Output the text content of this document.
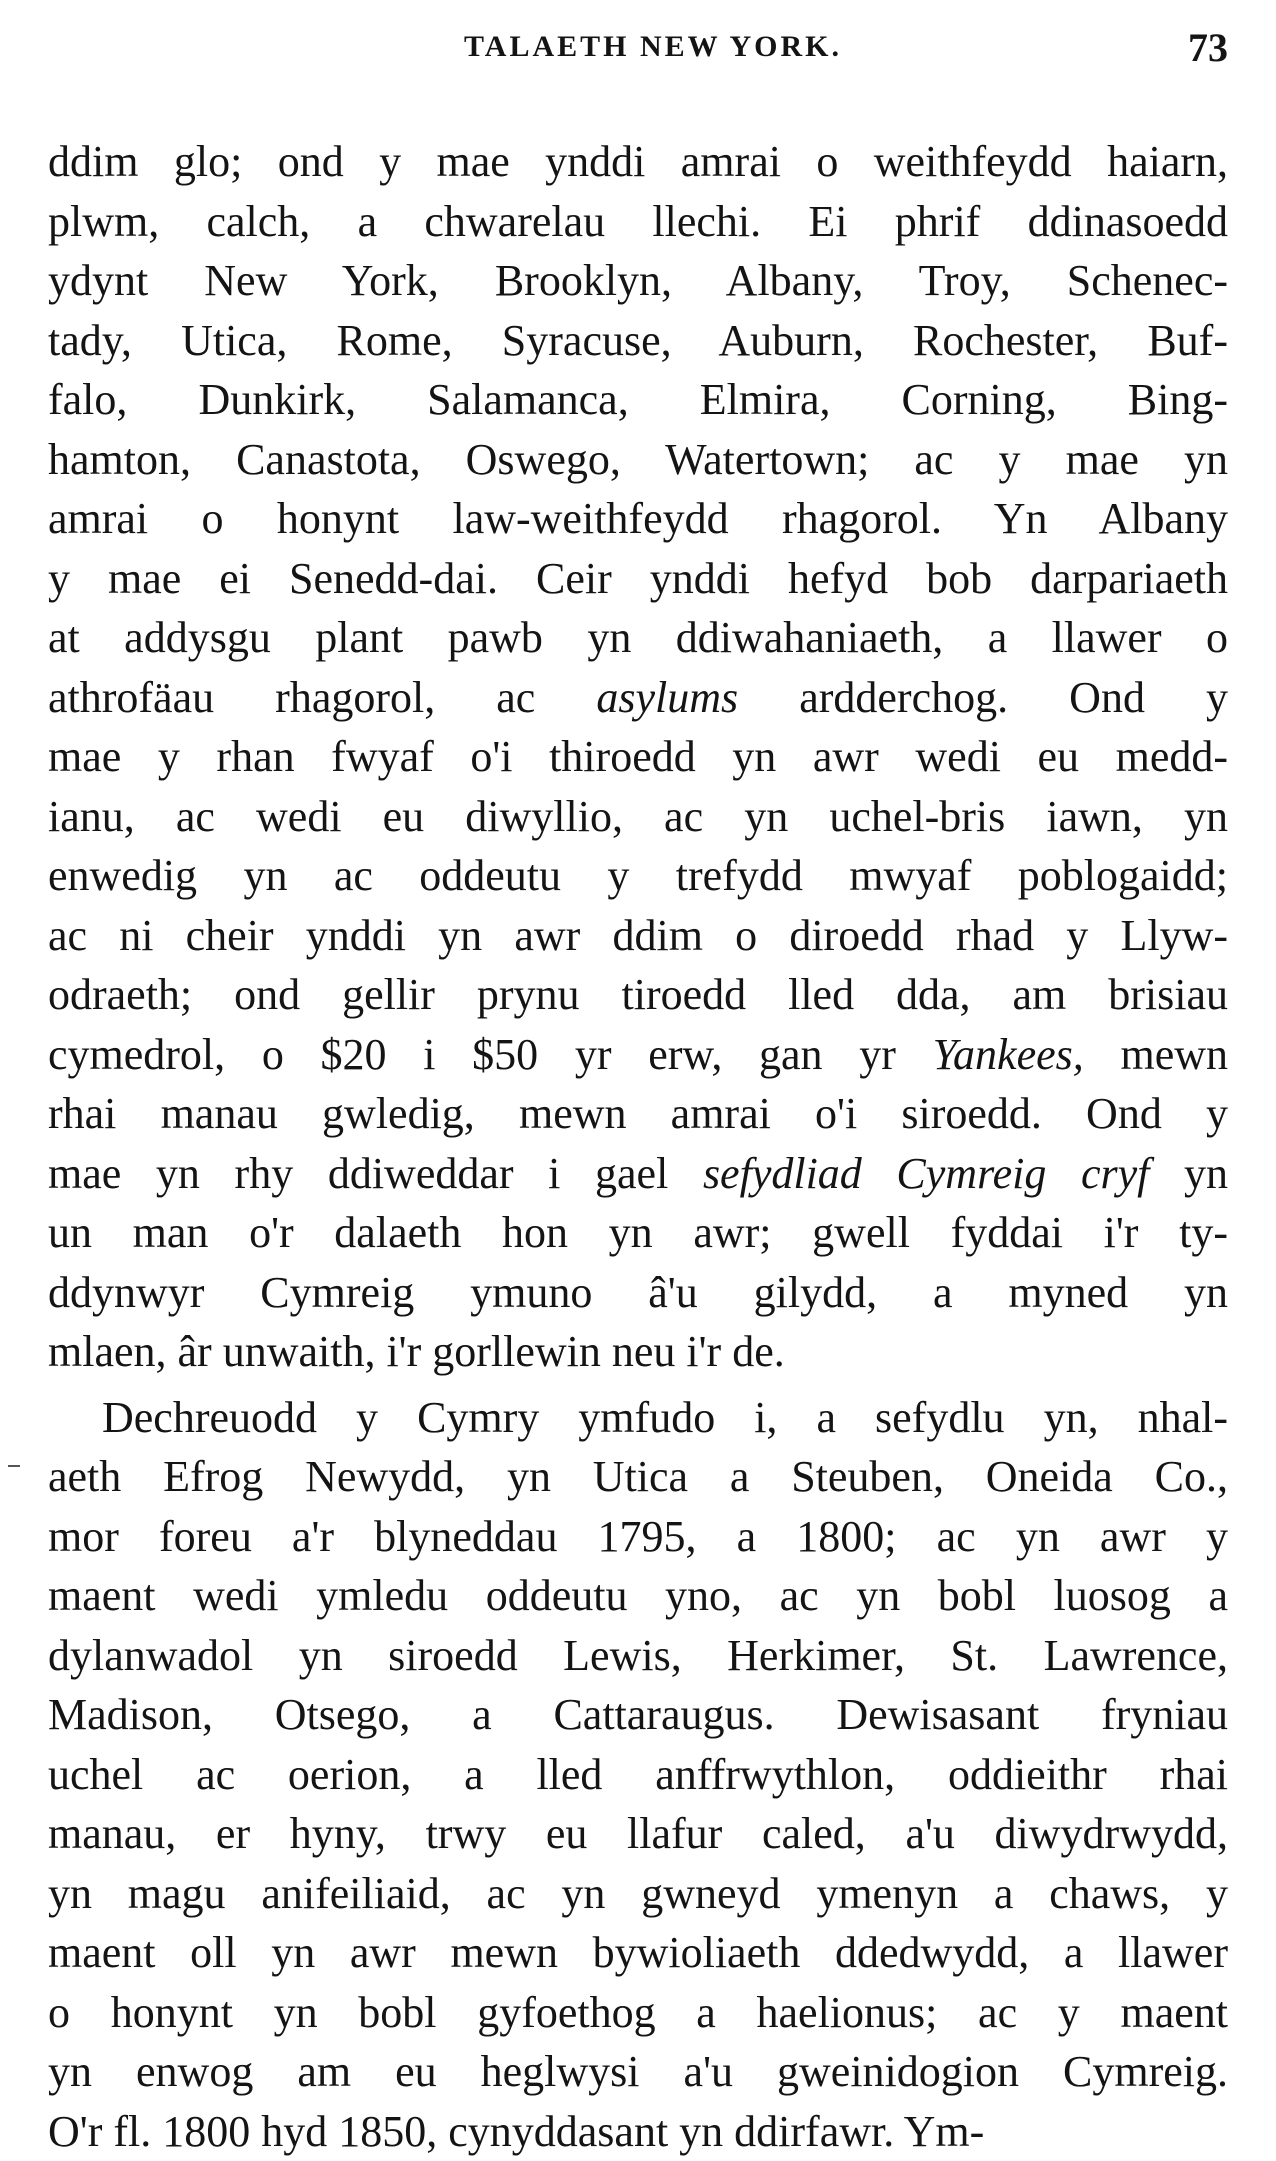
TALAETH NEW YORK.	73
ddim glo; ond y mae ynddi amrai o weithfeydd haiarn,
plwm, calch, a chwarelau llechi. Ei phrif ddinasoedd
ydynt New York, Brooklyn, Albany, Troy, Schenec-
tady, Utica, Rome, Syracuse, Auburn, Rochester, Buf-
falo, Dunkirk, Salamanca, Elmira, Corning, Bing-
hamton, Canastota, Oswego, Watertown; ac y mae yn
amrai o honynt law-weithfeydd rhagorol. Yn Albany
y mae ei Senedd-dai. Ceir ynddi hefyd bob darpariaeth
at addysgu plant pawb yn ddiwahaniaeth, a llawer o
athrofäau rhagorol, ac asylums ardderchog. Ond y
mae y rhan fwyaf o'i thiroedd yn awr wedi eu medd-
ianu, ac wedi eu diwyllio, ac yn uchel-bris iawn, yn
enwedig yn ac oddeutu y trefydd mwyaf poblogaidd;
ac ni cheir ynddi yn awr ddim o diroedd rhad y Llyw-
odraeth; ond gellir prynu tiroedd lled dda, am brisiau
cymedrol, o $20 i $50 yr erw, gan yr Yankees, mewn
rhai manau gwledig, mewn amrai o'i siroedd. Ond y
mae yn rhy ddiweddar i gael sefydliad Cymreig cryf yn
un man o'r dalaeth hon yn awr; gwell fyddai i'r ty-
ddynwyr Cymreig ymuno â'u gilydd, a myned yn
mlaen, âr unwaith, i'r gorllewin neu i'r de.
Dechreuodd y Cymry ymfudo i, a sefydlu yn, nhal-
aeth Efrog Newydd, yn Utica a Steuben, Oneida Co.,
mor foreu a'r blyneddau 1795, a 1800; ac yn awr y
maent wedi ymledu oddeutu yno, ac yn bobl luosog a
dylanwadol yn siroedd Lewis, Herkimer, St. Lawrence,
Madison, Otsego, a Cattaraugus. Dewisasant fryniau
uchel ac oerion, a lled anffrwythlon, oddieithr rhai
manau, er hyny, trwy eu llafur caled, a'u diwydrwydd,
yn magu anifeiliaid, ac yn gwneyd ymenyn a chaws, y
maent oll yn awr mewn bywioliaeth ddedwydd, a llawer
o honynt yn bobl gyfoethog a haelionus; ac y maent
yn enwog am eu heglwysi a'u gweinidogion Cymreig.
O'r fl. 1800 hyd 1850, cynyddasant yn ddirfawr. Ym-
